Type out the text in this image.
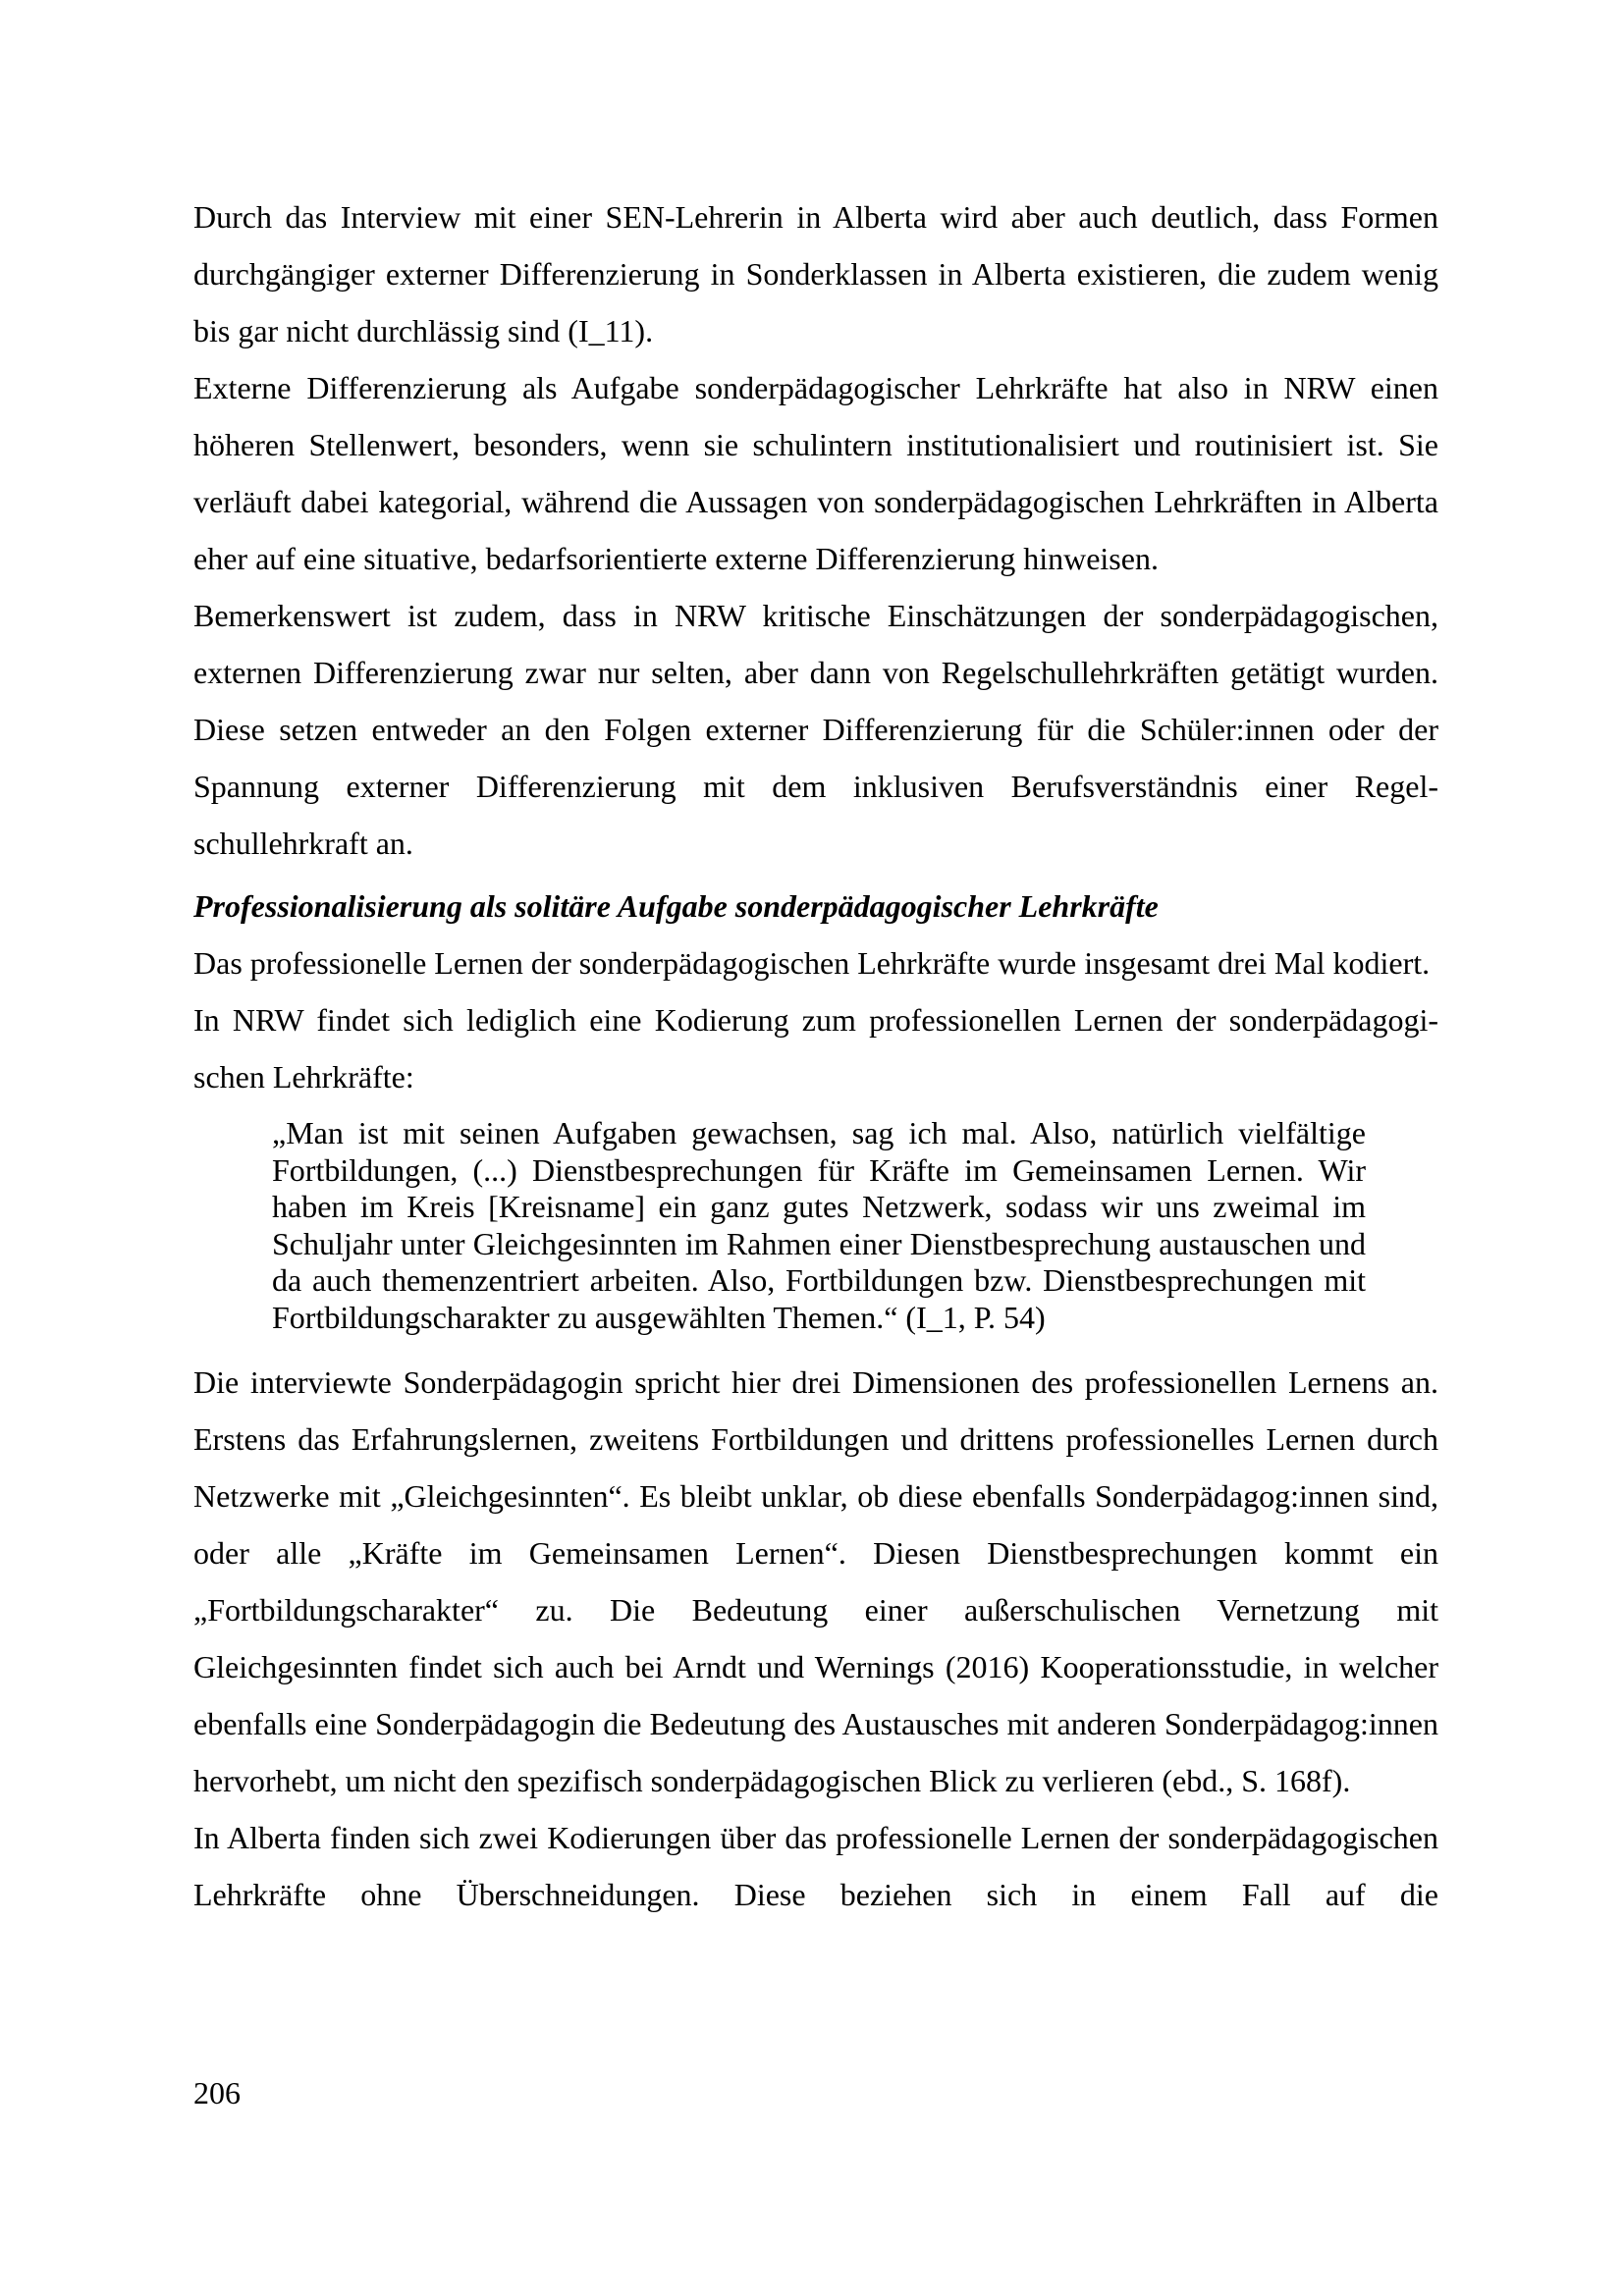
Durch das Interview mit einer SEN-Lehrerin in Alberta wird aber auch deutlich, dass Formen durchgängiger externer Differenzierung in Sonderklassen in Alberta existieren, die zudem wenig bis gar nicht durchlässig sind (I_11).

Externe Differenzierung als Aufgabe sonderpädagogischer Lehrkräfte hat also in NRW einen höheren Stellenwert, besonders, wenn sie schulintern institutionalisiert und routinisiert ist. Sie verläuft dabei kategorial, während die Aussagen von sonderpädagogischen Lehrkräften in Alberta eher auf eine situative, bedarfsorientierte externe Differenzierung hinweisen.

Bemerkenswert ist zudem, dass in NRW kritische Einschätzungen der sonderpädagogischen, externen Differenzierung zwar nur selten, aber dann von Regelschullehrkräften getätigt wurden. Diese setzen entweder an den Folgen externer Differenzierung für die Schüler:innen oder der Spannung externer Differenzierung mit dem inklusiven Berufsverständnis einer Regelschullehrkraft an.

Professionalisierung als solitäre Aufgabe sonderpädagogischer Lehrkräfte

Das professionelle Lernen der sonderpädagogischen Lehrkräfte wurde insgesamt drei Mal kodiert.

In NRW findet sich lediglich eine Kodierung zum professionellen Lernen der sonderpädagogischen Lehrkräfte:

„Man ist mit seinen Aufgaben gewachsen, sag ich mal. Also, natürlich vielfältige Fortbildungen, (...) Dienstbesprechungen für Kräfte im Gemeinsamen Lernen. Wir haben im Kreis [Kreisname] ein ganz gutes Netzwerk, sodass wir uns zweimal im Schuljahr unter Gleichgesinnten im Rahmen einer Dienstbesprechung austauschen und da auch themenzentriert arbeiten. Also, Fortbildungen bzw. Dienstbesprechungen mit Fortbildungscharakter zu ausgewählten Themen.“ (I_1, P. 54)

Die interviewte Sonderpädagogin spricht hier drei Dimensionen des professionellen Lernens an. Erstens das Erfahrungslernen, zweitens Fortbildungen und drittens professionelles Lernen durch Netzwerke mit „Gleichgesinnten“. Es bleibt unklar, ob diese ebenfalls Sonderpädagog:innen sind, oder alle „Kräfte im Gemeinsamen Lernen“. Diesen Dienstbesprechungen kommt ein „Fortbildungscharakter“ zu. Die Bedeutung einer außerschulischen Vernetzung mit Gleichgesinnten findet sich auch bei Arndt und Wernings (2016) Kooperationsstudie, in welcher ebenfalls eine Sonderpädagogin die Bedeutung des Austausches mit anderen Sonderpädagog:innen hervorhebt, um nicht den spezifisch sonderpädagogischen Blick zu verlieren (ebd., S. 168f).

In Alberta finden sich zwei Kodierungen über das professionelle Lernen der sonderpädagogischen Lehrkräfte ohne Überschneidungen. Diese beziehen sich in einem Fall auf die

206
